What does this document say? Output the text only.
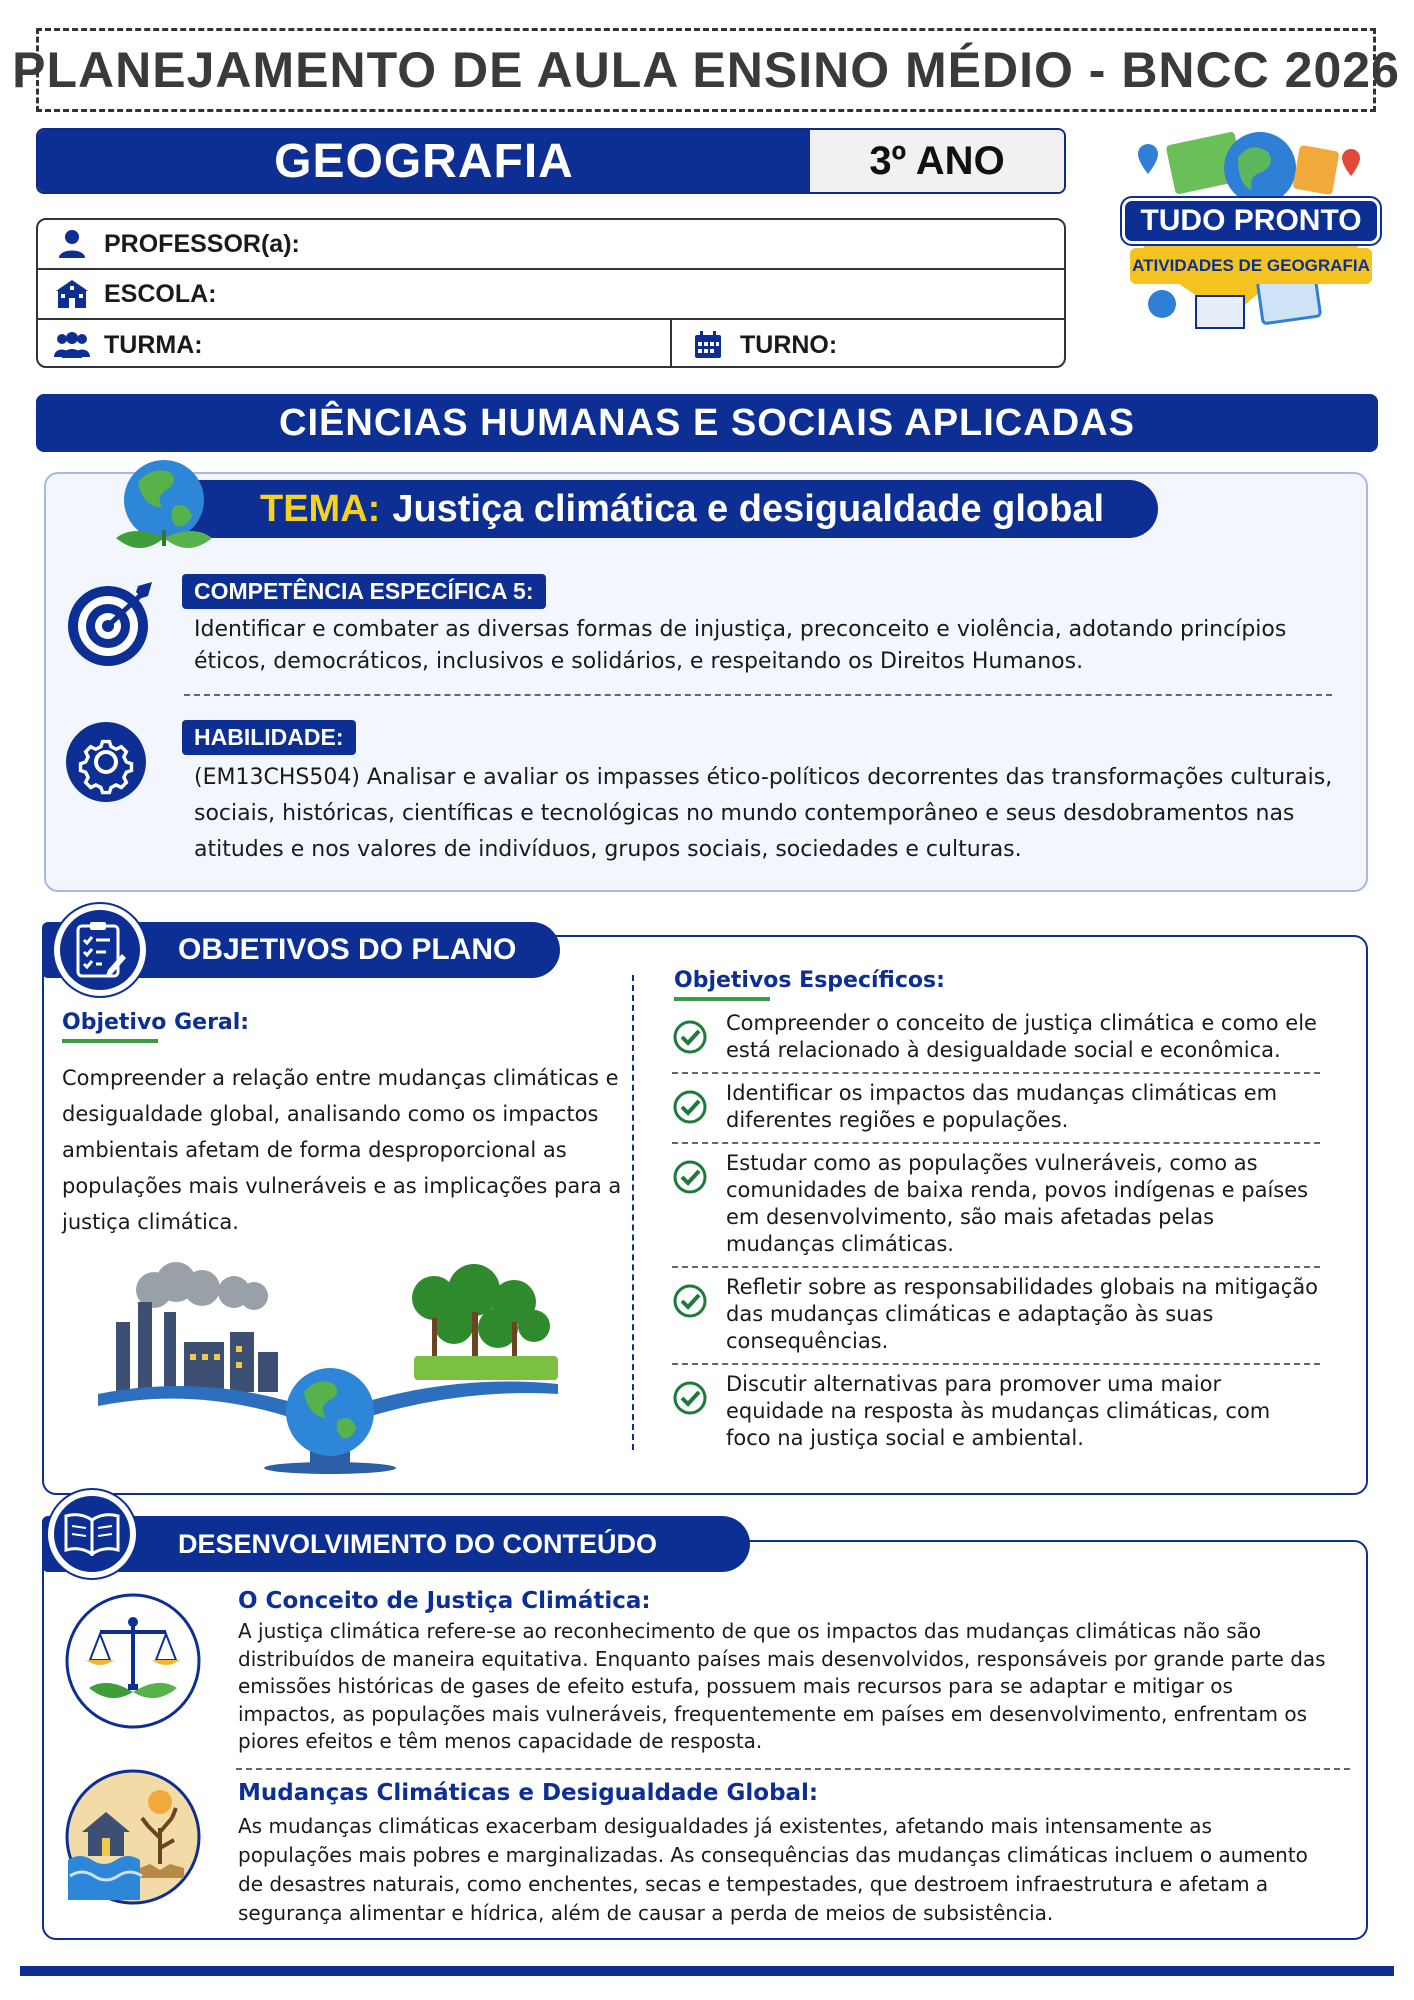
PLANEJAMENTO DE AULA ENSINO MÉDIO - BNCC 2026
GEOGRAFIA	3º ANO
PROFESSOR(a):
ESCOLA:
TURMA:	TURNO:
TUDO PRONTO
ATIVIDADES DE GEOGRAFIA
CIÊNCIAS HUMANAS E SOCIAIS APLICADAS
TEMA: Justiça climática e desigualdade global
COMPETÊNCIA ESPECÍFICA 5:
Identificar e combater as diversas formas de injustiça, preconceito e violência, adotando princípios éticos, democráticos, inclusivos e solidários, e respeitando os Direitos Humanos.
HABILIDADE:
(EM13CHS504) Analisar e avaliar os impasses ético-políticos decorrentes das transformações culturais, sociais, históricas, científicas e tecnológicas no mundo contemporâneo e seus desdobramentos nas atitudes e nos valores de indivíduos, grupos sociais, sociedades e culturas.
OBJETIVOS DO PLANO
Objetivo Geral:
Compreender a relação entre mudanças climáticas e desigualdade global, analisando como os impactos ambientais afetam de forma desproporcional as populações mais vulneráveis e as implicações para a justiça climática.
Objetivos Específicos:
Compreender o conceito de justiça climática e como ele está relacionado à desigualdade social e econômica.
Identificar os impactos das mudanças climáticas em diferentes regiões e populações.
Estudar como as populações vulneráveis, como as comunidades de baixa renda, povos indígenas e países em desenvolvimento, são mais afetadas pelas mudanças climáticas.
Refletir sobre as responsabilidades globais na mitigação das mudanças climáticas e adaptação às suas consequências.
Discutir alternativas para promover uma maior equidade na resposta às mudanças climáticas, com foco na justiça social e ambiental.
DESENVOLVIMENTO DO CONTEÚDO
O Conceito de Justiça Climática:
A justiça climática refere-se ao reconhecimento de que os impactos das mudanças climáticas não são distribuídos de maneira equitativa. Enquanto países mais desenvolvidos, responsáveis por grande parte das emissões históricas de gases de efeito estufa, possuem mais recursos para se adaptar e mitigar os impactos, as populações mais vulneráveis, frequentemente em países em desenvolvimento, enfrentam os piores efeitos e têm menos capacidade de resposta.
Mudanças Climáticas e Desigualdade Global:
As mudanças climáticas exacerbam desigualdades já existentes, afetando mais intensamente as populações mais pobres e marginalizadas. As consequências das mudanças climáticas incluem o aumento de desastres naturais, como enchentes, secas e tempestades, que destroem infraestrutura e afetam a segurança alimentar e hídrica, além de causar a perda de meios de subsistência.
